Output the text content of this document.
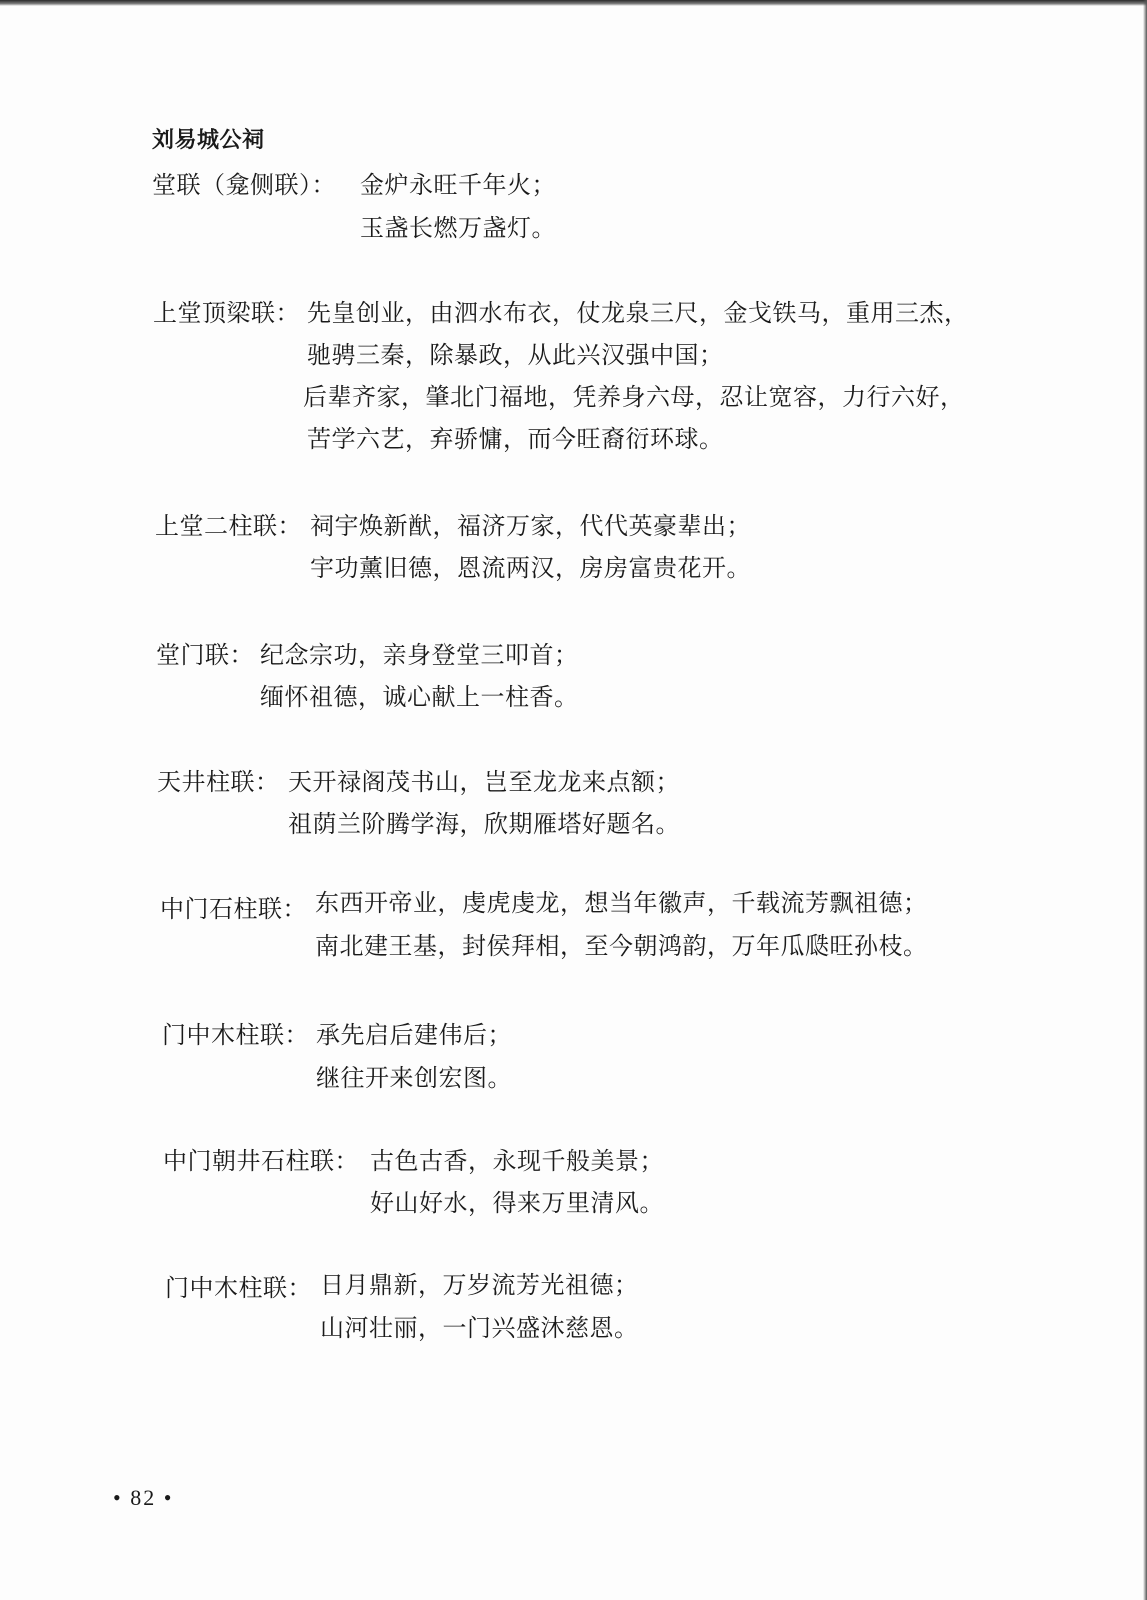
刘易城公祠
堂联（龛侧联）： 金炉永旺千年火；
玉盏长燃万盏灯。
上堂顶梁联： 先皇创业，由泗水布衣，仗龙泉三尺，金戈铁马，重用三杰，
驰骋三秦，除暴政，从此兴汉强中国；
后辈齐家，肇北门福地，凭养身六母，忍让宽容，力行六好，
苦学六艺，弃骄慵，而今旺裔衍环球。
上堂二柱联： 祠宇焕新猷，福济万家，代代英豪辈出；
宇功薰旧德，恩流两汉，房房富贵花开。
堂门联： 纪念宗功，亲身登堂三叩首；
缅怀祖德，诚心献上一柱香。
天井柱联： 天开禄阁茂书山，岂至龙龙来点额；
祖荫兰阶腾学海，欣期雁塔好题名。
中门石柱联： 东西开帝业，虔虎虔龙，想当年徽声，千载流芳飘祖德；
南北建王基，封侯拜相，至今朝鸿韵，万年瓜瓞旺孙枝。
门中木柱联： 承先启后建伟后；
继往开来创宏图。
中门朝井石柱联： 古色古香，永现千般美景；
好山好水，得来万里清风。
门中木柱联： 日月鼎新，万岁流芳光祖德；
山河壮丽，一门兴盛沐慈恩。
• 82 •
